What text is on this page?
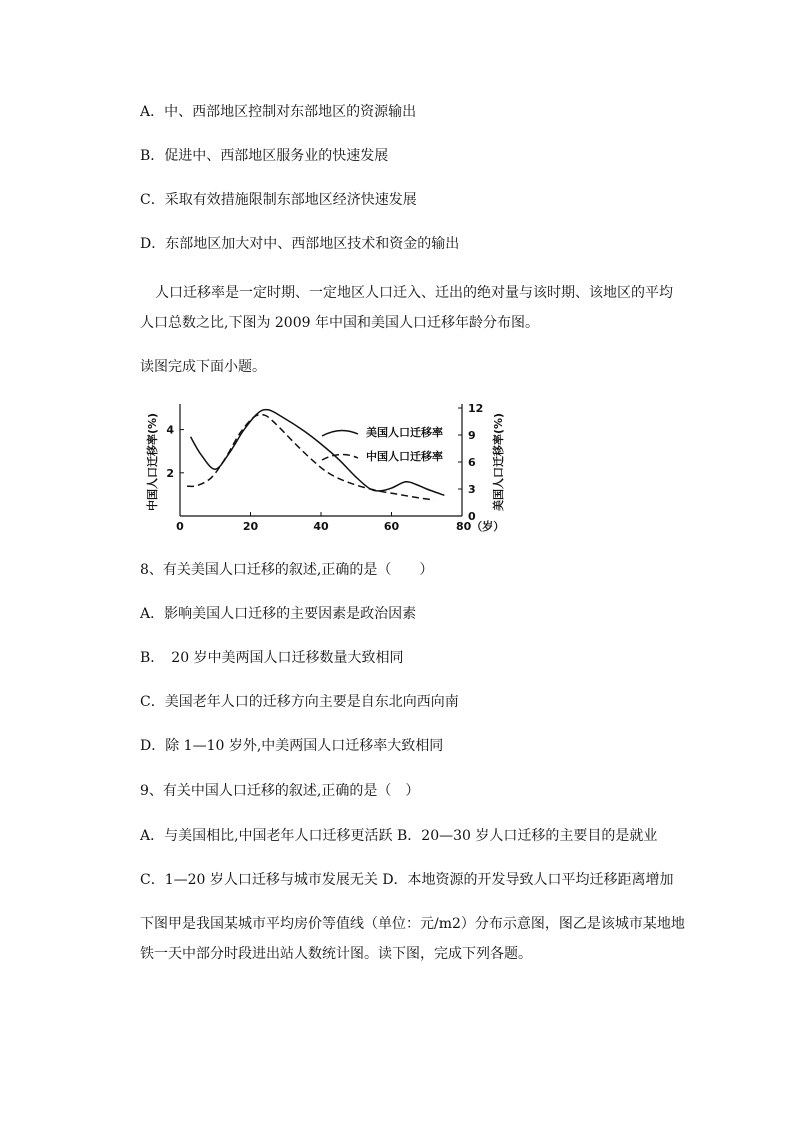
A．中、西部地区控制对东部地区的资源输出
B．促进中、西部地区服务业的快速发展
C．采取有效措施限制东部地区经济快速发展
D．东部地区加大对中、西部地区技术和资金的输出
人口迁移率是一定时期、一定地区人口迁入、迁出的绝对量与该时期、该地区的平均
人口总数之比,下图为 2009 年中国和美国人口迁移年龄分布图。
读图完成下面小题。
0	20	40	60	80（岁）
2
4
0
3
6
9
12
中国人口迁移率(%)	美国人口迁移率(%)
美国人口迁移率
中国人口迁移率
8、有关美国人口迁移的叙述,正确的是（　　）
A．影响美国人口迁移的主要因素是政治因素
B．　20 岁中美两国人口迁移数量大致相同
C．美国老年人口的迁移方向主要是自东北向西向南
D．除 1—10 岁外,中美两国人口迁移率大致相同
9、有关中国人口迁移的叙述,正确的是（　）
A．与美国相比,中国老年人口迁移更活跃 B．20—30 岁人口迁移的主要目的是就业
C．1—20 岁人口迁移与城市发展无关 D．本地资源的开发导致人口平均迁移距离增加
下图甲是我国某城市平均房价等值线（单位：元/m2）分布示意图，图乙是该城市某地地
铁一天中部分时段进出站人数统计图。读下图，完成下列各题。
